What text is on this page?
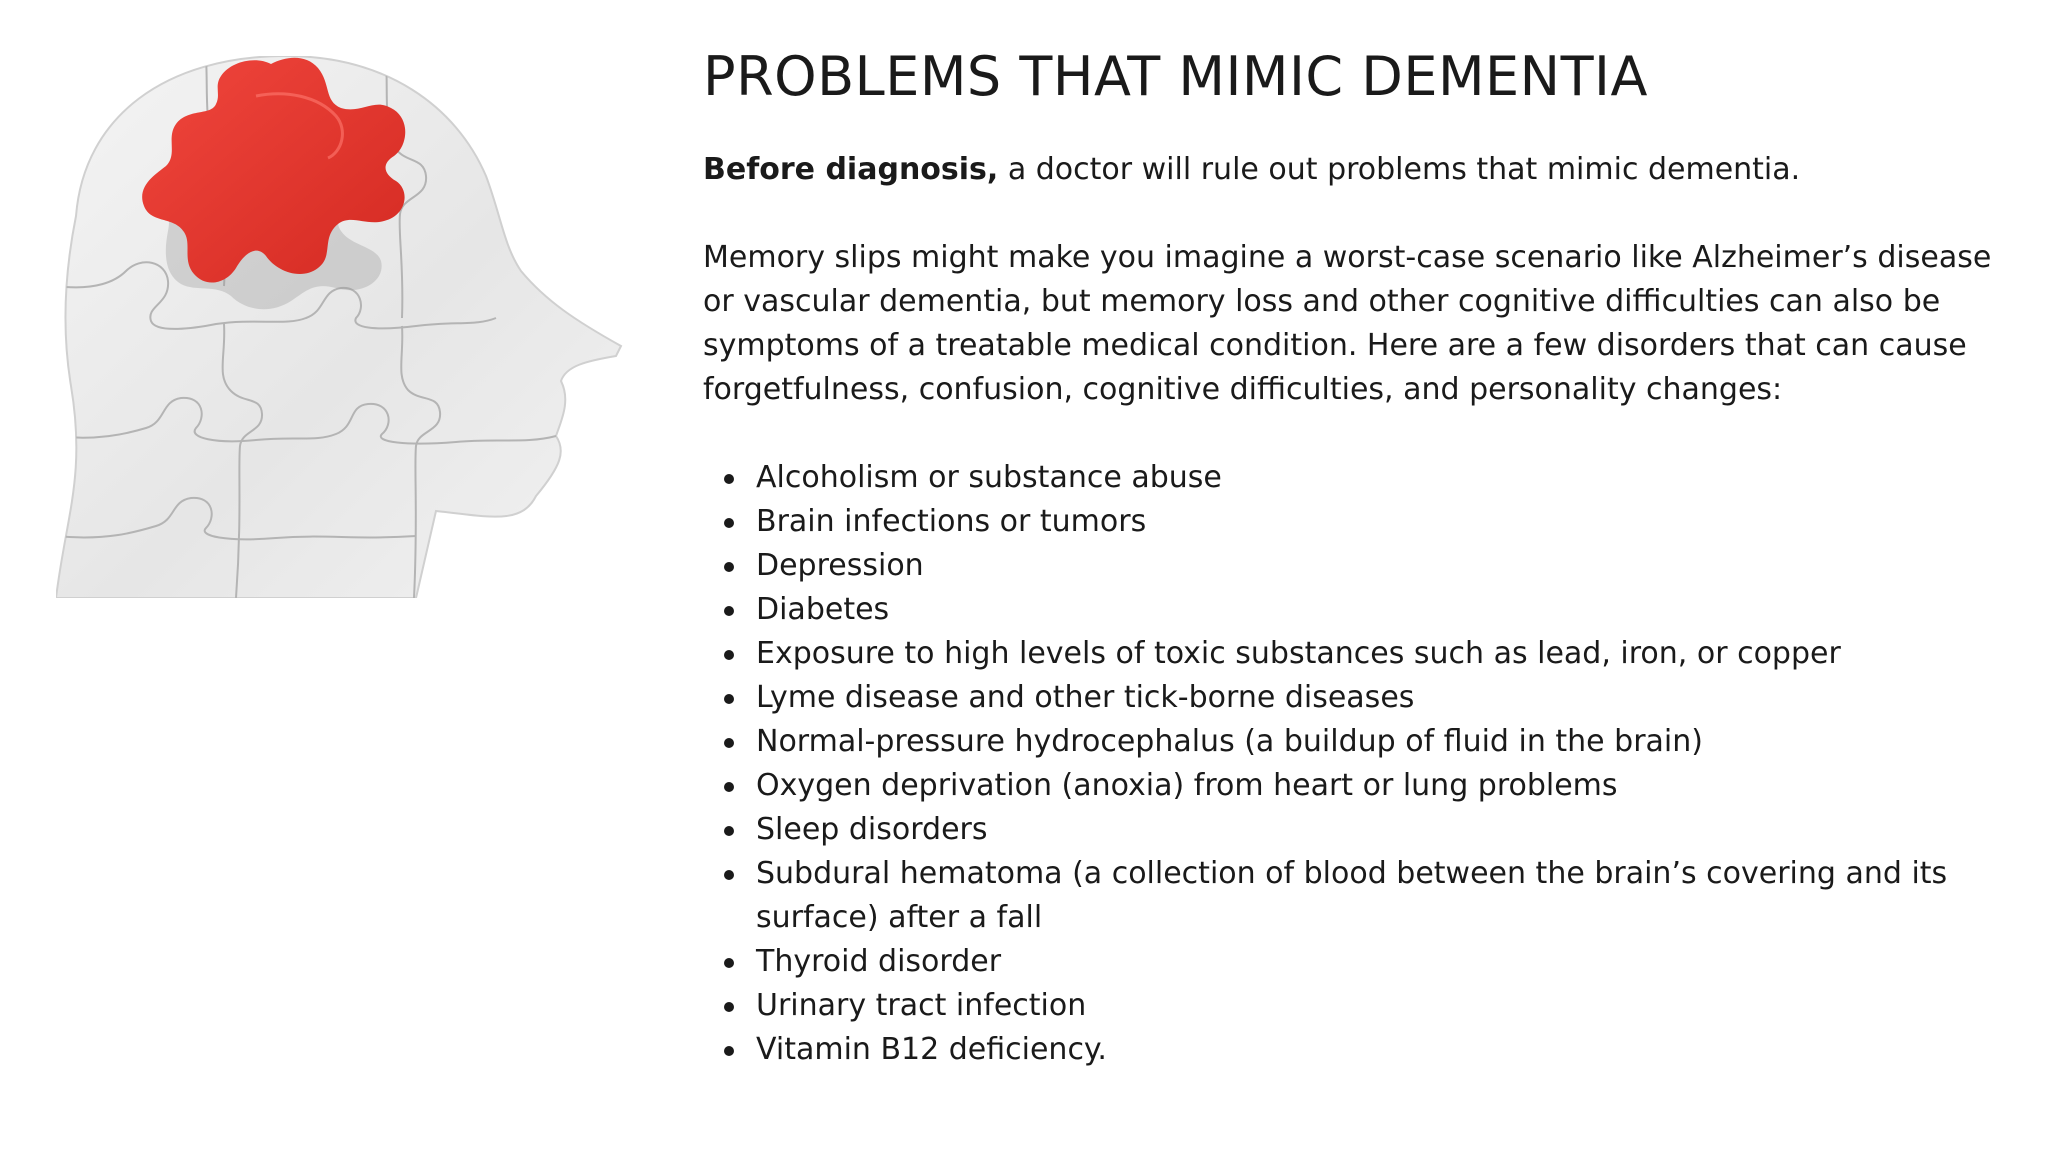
PROBLEMS THAT MIMIC DEMENTIA

Before diagnosis, a doctor will rule out problems that mimic dementia.

Memory slips might make you imagine a worst-case scenario like Alzheimer’s disease or vascular dementia, but memory loss and other cognitive difficulties can also be symptoms of a treatable medical condition. Here are a few disorders that can cause forgetfulness, confusion, cognitive difficulties, and personality changes:

Alcoholism or substance abuse
Brain infections or tumors
Depression
Diabetes
Exposure to high levels of toxic substances such as lead, iron, or copper
Lyme disease and other tick-borne diseases
Normal-pressure hydrocephalus (a buildup of fluid in the brain)
Oxygen deprivation (anoxia) from heart or lung problems
Sleep disorders
Subdural hematoma (a collection of blood between the brain’s covering and its surface) after a fall
Thyroid disorder
Urinary tract infection
Vitamin B12 deficiency.
